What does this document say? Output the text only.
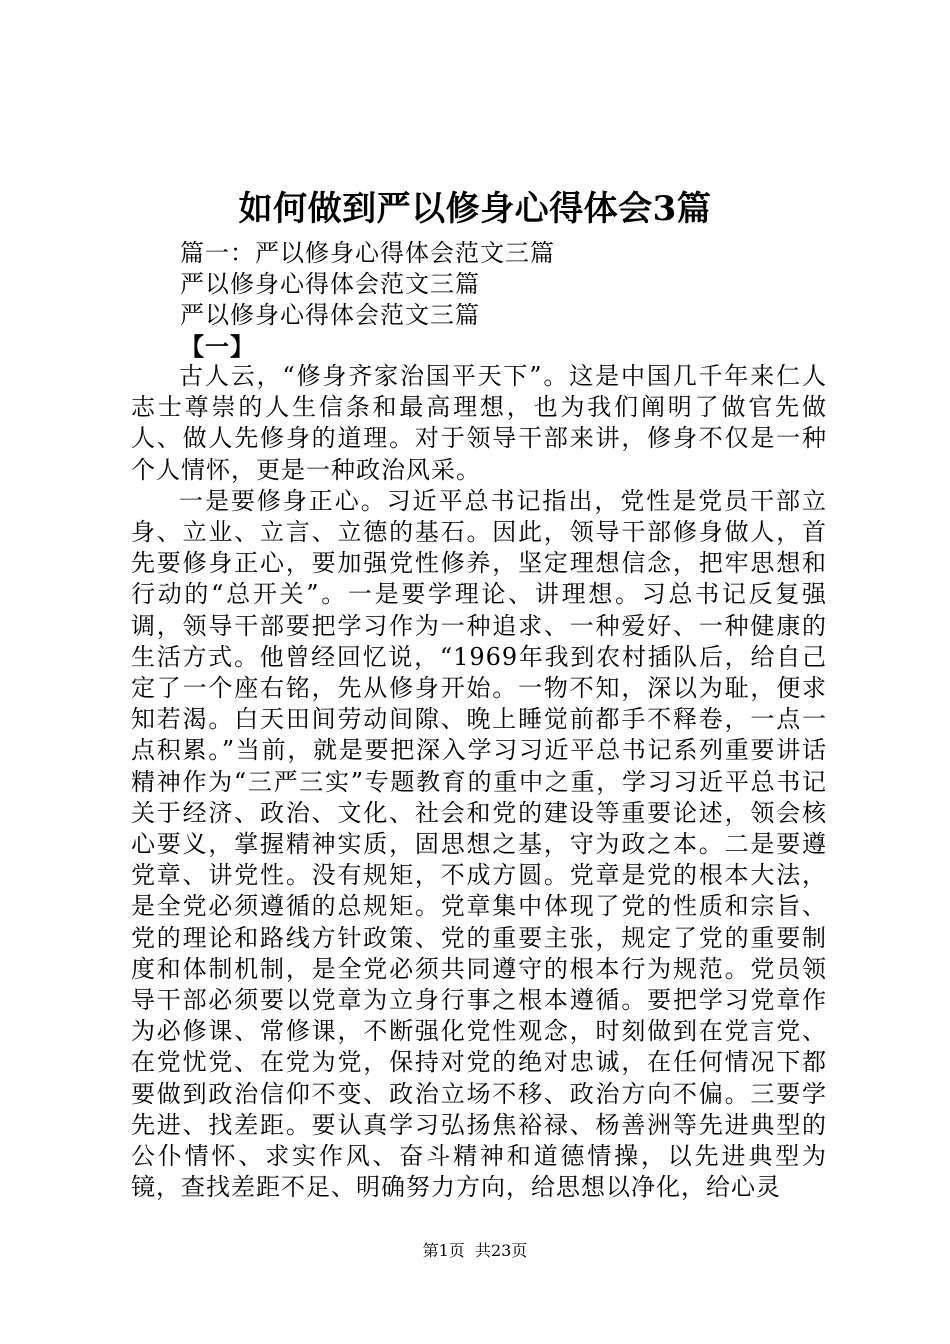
如何做到严以修身心得体会3篇
篇一：严以修身心得体会范文三篇
严以修身心得体会范文三篇
严以修身心得体会范文三篇
【一】

古人云，“修身齐家治国平天下”。这是中国几千年来仁人志士尊崇的人生信条和最高理想，也为我们阐明了做官先做人、做人先修身的道理。对于领导干部来讲，修身不仅是一种个人情怀，更是一种政治风采。

一是要修身正心。习近平总书记指出，党性是党员干部立身、立业、立言、立德的基石。因此，领导干部修身做人，首先要修身正心，要加强党性修养，坚定理想信念，把牢思想和行动的“总开关”。一是要学理论、讲理想。习总书记反复强调，领导干部要把学习作为一种追求、一种爱好、一种健康的生活方式。他曾经回忆说，“1969年我到农村插队后，给自己定了一个座右铭，先从修身开始。一物不知，深以为耻，便求知若渴。白天田间劳动间隙、晚上睡觉前都手不释卷，一点一点积累。”当前，就是要把深入学习习近平总书记系列重要讲话精神作为“三严三实”专题教育的重中之重，学习习近平总书记关于经济、政治、文化、社会和党的建设等重要论述，领会核心要义，掌握精神实质，固思想之基，守为政之本。二是要遵党章、讲党性。没有规矩，不成方圆。党章是党的根本大法，是全党必须遵循的总规矩。党章集中体现了党的性质和宗旨、党的理论和路线方针政策、党的重要主张，规定了党的重要制度和体制机制，是全党必须共同遵守的根本行为规范。党员领导干部必须要以党章为立身行事之根本遵循。要把学习党章作为必修课、常修课，不断强化党性观念，时刻做到在党言党、在党忧党、在党为党，保持对党的绝对忠诚，在任何情况下都要做到政治信仰不变、政治立场不移、政治方向不偏。三要学先进、找差距。要认真学习弘扬焦裕禄、杨善洲等先进典型的公仆情怀、求实作风、奋斗精神和道德情操，以先进典型为镜，查找差距不足、明确努力方向，给思想以净化，给心灵

第1页 共23页
